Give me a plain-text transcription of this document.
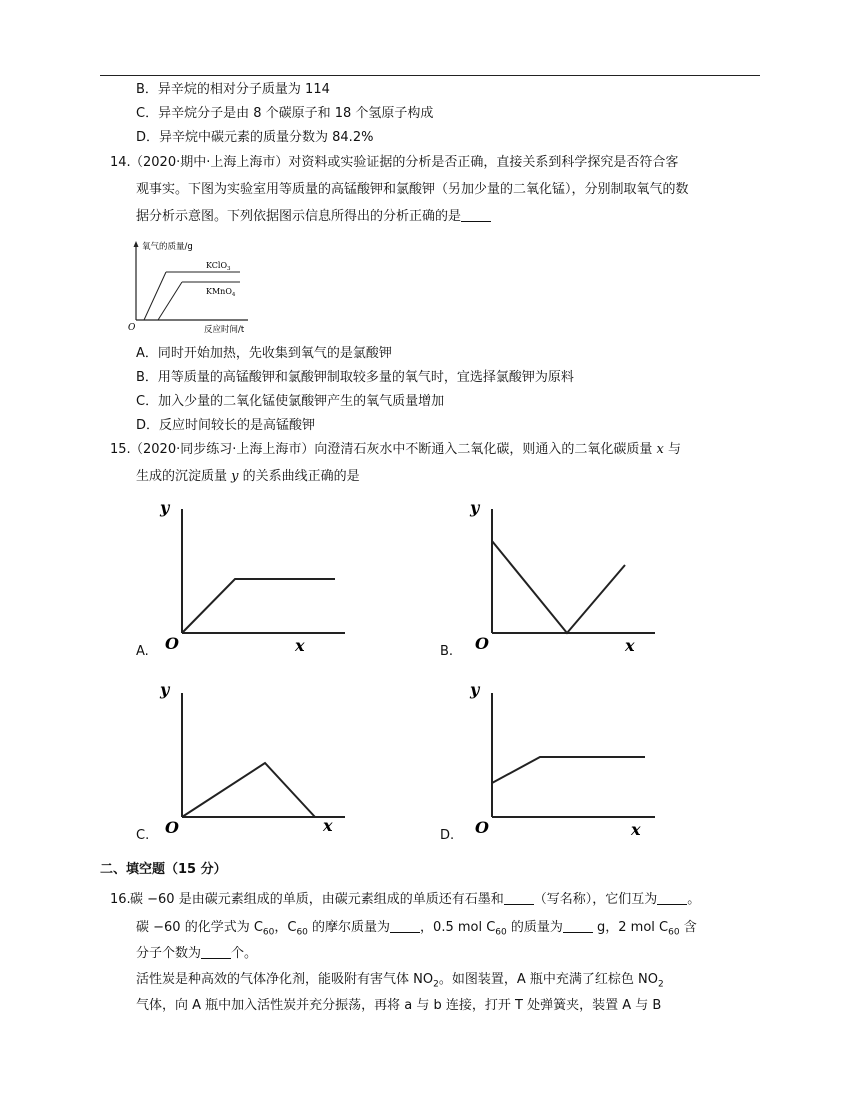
B．异辛烷的相对分子质量为 114
C．异辛烷分子是由 8 个碳原子和 18 个氢原子构成
D．异辛烷中碳元素的质量分数为 84.2%
14. （2020·期中·上海上海市）对资料或实验证据的分析是否正确，直接关系到科学探究是否符合客
观事实。下图为实验室用等质量的高锰酸钾和氯酸钾（另加少量的二氧化锰），分别制取氧气的数
据分析示意图。下列依据图示信息所得出的分析正确的是
氧气的质量/g
KClO$_3$
KMnO$_4$
O	反应时间/t
A．同时开始加热，先收集到氧气的是氯酸钾
B．用等质量的高锰酸钾和氯酸钾制取较多量的氧气时，宜选择氯酸钾为原料
C．加入少量的二氧化锰使氯酸钾产生的氧气质量增加
D．反应时间较长的是高锰酸钾
15. （2020·同步练习·上海上海市）向澄清石灰水中不断通入二氧化碳，则通入的二氧化碳质量 x 与
生成的沉淀质量 y 的关系曲线正确的是
y
O	x
A.
y
O	x
B.
y
O	x
C.
y
O	x
D.
二、填空题（15 分）
16. 碳 −60 是由碳元素组成的单质，由碳元素组成的单质还有石墨和 （写名称），它们互为 。
碳 −60 的化学式为 $C_{60}$，$C_{60}$ 的摩尔质量为 ，0.5 mol $C_{60}$ 的质量为 g，2 mol $C_{60}$ 含
分子个数为 个。
活性炭是种高效的气体净化剂，能吸附有害气体 $NO_2$。如图装置，A 瓶中充满了红棕色 $NO_2$
气体，向 A 瓶中加入活性炭并充分振荡，再将 a 与 b 连接，打开 T 处弹簧夹，装置 A 与 B
